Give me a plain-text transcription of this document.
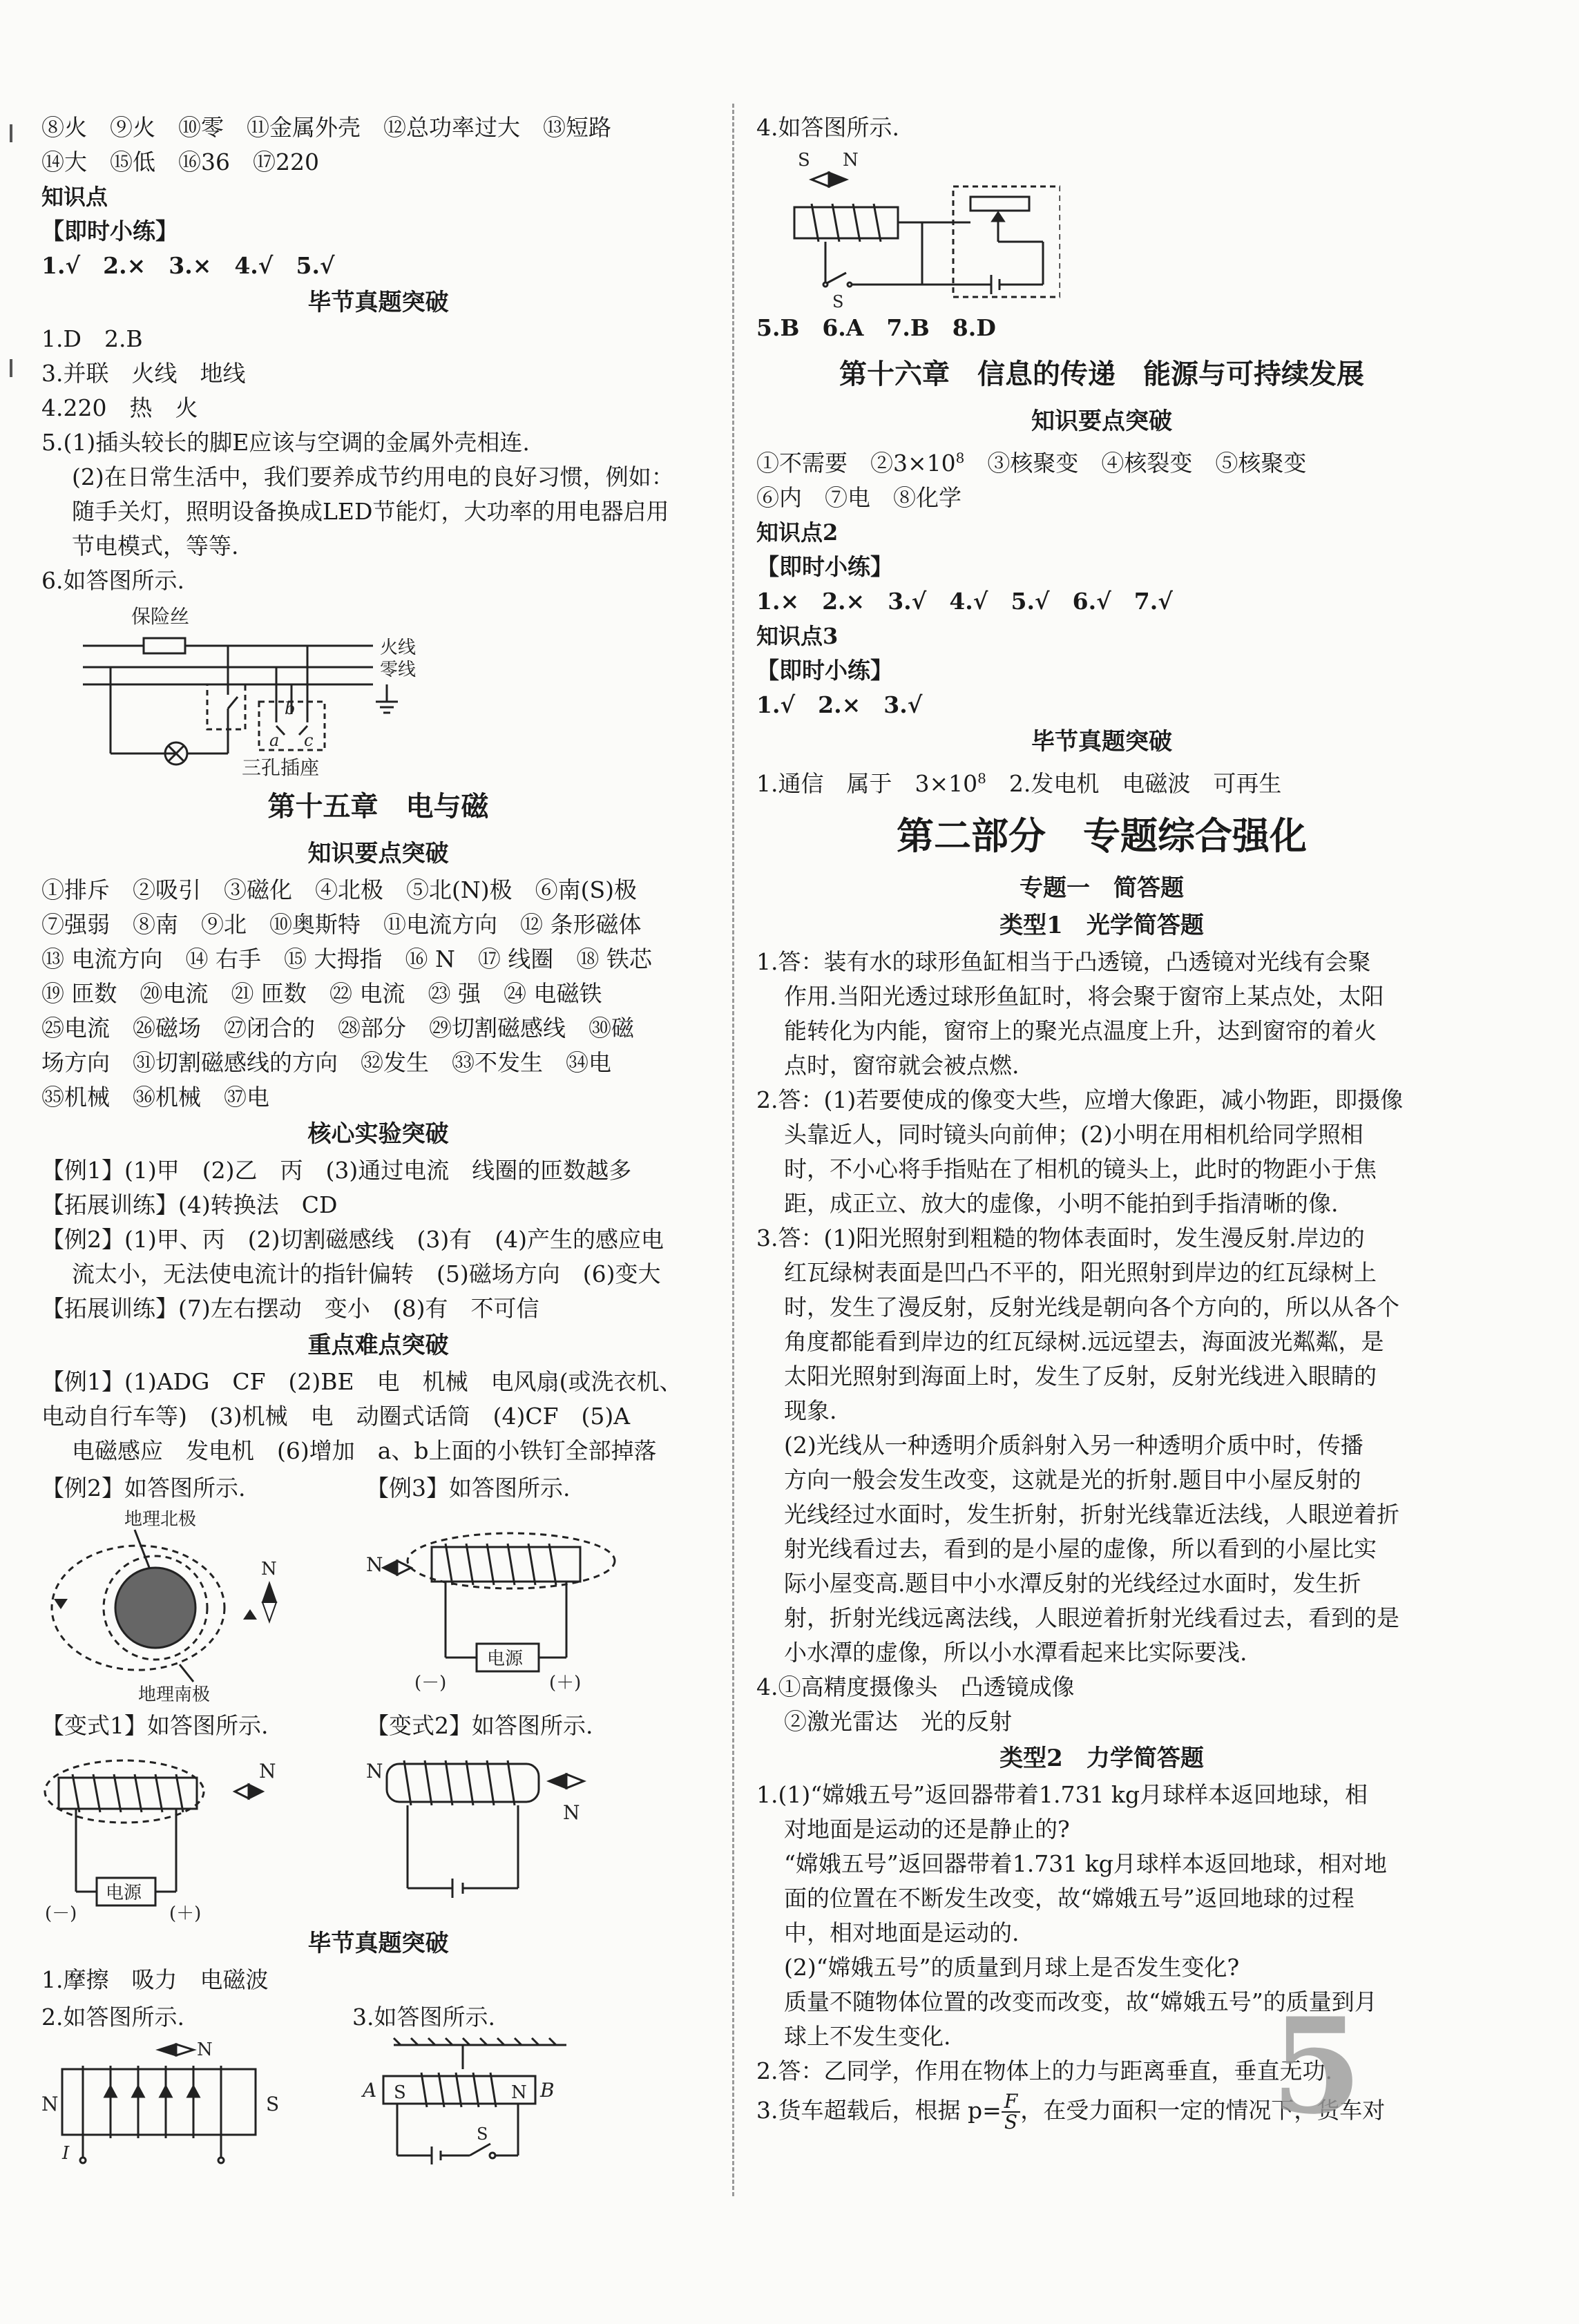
⑧火　⑨火　⑩零　⑪金属外壳　⑫总功率过大　⑬短路

⑭大　⑮低　⑯36　⑰220

知识点

【即时小练】

1.√　2.×　3.×　4.√　5.√

毕节真题突破

1.D　2.B

3.并联　火线　地线

4.220　热　火

5.(1)插头较长的脚E应该与空调的金属外壳相连.

(2)在日常生活中，我们要养成节约用电的良好习惯，例如：

随手关灯，照明设备换成LED节能灯，大功率的用电器启用

节电模式，等等.

6.如答图所示.

保险丝
火线
零线
b
a c
三孔插座

第十五章　电与磁

知识要点突破

①排斥　②吸引　③磁化　④北极　⑤北(N)极　⑥南(S)极

⑦强弱　⑧南　⑨北　⑩奥斯特　⑪电流方向　⑫ 条形磁体

⑬ 电流方向　⑭ 右手　⑮ 大拇指　⑯ N　⑰ 线圈　⑱ 铁芯

⑲ 匝数　⑳电流　㉑ 匝数　㉒ 电流　㉓ 强　㉔ 电磁铁

㉕电流　㉖磁场　㉗闭合的　㉘部分　㉙切割磁感线　㉚磁

场方向　㉛切割磁感线的方向　㉜发生　㉝不发生　㉞电

㉟机械　㊱机械　㊲电

核心实验突破

【例1】(1)甲　(2)乙　丙　(3)通过电流　线圈的匝数越多

【拓展训练】(4)转换法　CD

【例2】(1)甲、丙　(2)切割磁感线　(3)有　(4)产生的感应电

流太小，无法使电流计的指针偏转　(5)磁场方向　(6)变大

【拓展训练】(7)左右摆动　变小　(8)有　不可信

重点难点突破

【例1】(1)ADG　CF　(2)BE　电　机械　电风扇(或洗衣机、

电动自行车等)　(3)机械　电　动圈式话筒　(4)CF　(5)A

电磁感应　发电机　(6)增加　a、b上面的小铁钉全部掉落

【例2】如答图所示.

地理北极
地理南极
N

【例3】如答图所示.

N
电源
(－)	(＋)

【变式1】如答图所示.

N
电源
(－)	(＋)

【变式2】如答图所示.

N
N

毕节真题突破

1.摩擦　吸力　电磁波

2.如答图所示.

N
N	S
I

3.如答图所示.

A	B
S	N
S

4.如答图所示.

S N
S

5.B　6.A　7.B　8.D

第十六章　信息的传递　能源与可持续发展

知识要点突破

①不需要　$②3\times 10^8$　③核聚变　④核裂变　⑤核聚变

⑥内　⑦电　⑧化学

知识点2

【即时小练】

1.×　2.×　3.√　4.√　5.√　6.√　7.√

知识点3

【即时小练】

1.√　2.×　3.√

毕节真题突破

1.通信　属于　$3\times 10^8$　2.发电机　电磁波　可再生

第二部分　专题综合强化

专题一　简答题

类型1　光学简答题

1.答：装有水的球形鱼缸相当于凸透镜，凸透镜对光线有会聚

作用.当阳光透过球形鱼缸时，将会聚于窗帘上某点处，太阳

能转化为内能，窗帘上的聚光点温度上升，达到窗帘的着火

点时，窗帘就会被点燃.

2.答：(1)若要使成的像变大些，应增大像距，减小物距，即摄像

头靠近人，同时镜头向前伸；(2)小明在用相机给同学照相

时，不小心将手指贴在了相机的镜头上，此时的物距小于焦

距，成正立、放大的虚像，小明不能拍到手指清晰的像.

3.答：(1)阳光照射到粗糙的物体表面时，发生漫反射.岸边的

红瓦绿树表面是凹凸不平的，阳光照射到岸边的红瓦绿树上

时，发生了漫反射，反射光线是朝向各个方向的，所以从各个

角度都能看到岸边的红瓦绿树.远远望去，海面波光粼粼，是

太阳光照射到海面上时，发生了反射，反射光线进入眼睛的

现象.

(2)光线从一种透明介质斜射入另一种透明介质中时，传播

方向一般会发生改变，这就是光的折射.题目中小屋反射的

光线经过水面时，发生折射，折射光线靠近法线，人眼逆着折

射光线看过去，看到的是小屋的虚像，所以看到的小屋比实

际小屋变高.题目中小水潭反射的光线经过水面时，发生折

射，折射光线远离法线，人眼逆着折射光线看过去，看到的是

小水潭的虚像，所以小水潭看起来比实际要浅.

4.①高精度摄像头　凸透镜成像

②激光雷达　光的反射

类型2　力学简答题

1.(1)“嫦娥五号”返回器带着1.731 kg月球样本返回地球，相

对地面是运动的还是静止的?

“嫦娥五号”返回器带着1.731 kg月球样本返回地球，相对地

面的位置在不断发生改变，故“嫦娥五号”返回地球的过程

中，相对地面是运动的.

(2)“嫦娥五号”的质量到月球上是否发生变化?

质量不随物体位置的改变而改变，故“嫦娥五号”的质量到月

球上不发生变化.

2.答：乙同学，作用在物体上的力与距离垂直，垂直无功.

3.货车超载后，根据 $p= \frac{F}{S}$ ，在受力面积一定的情况下，货车对

5
